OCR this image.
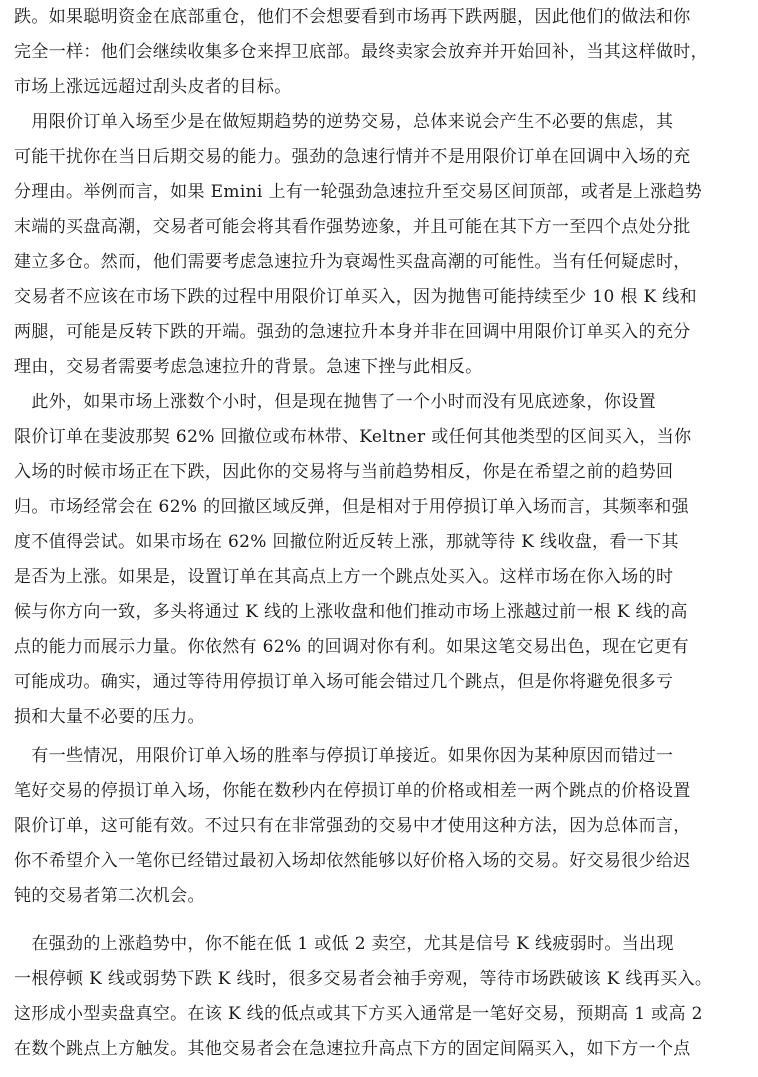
跌。如果聪明资金在底部重仓，他们不会想要看到市场再下跌两腿，因此他们的做法和你
完全一样：他们会继续收集多仓来捍卫底部。最终卖家会放弃并开始回补，当其这样做时，
市场上涨远远超过刮头皮者的目标。
　用限价订单入场至少是在做短期趋势的逆势交易，总体来说会产生不必要的焦虑，其
可能干扰你在当日后期交易的能力。强劲的急速行情并不是用限价订单在回调中入场的充
分理由。举例而言，如果 Emini 上有一轮强劲急速拉升至交易区间顶部，或者是上涨趋势
末端的买盘高潮，交易者可能会将其看作强势迹象，并且可能在其下方一至四个点处分批
建立多仓。然而，他们需要考虑急速拉升为衰竭性买盘高潮的可能性。当有任何疑虑时，
交易者不应该在市场下跌的过程中用限价订单买入，因为抛售可能持续至少 10 根 K 线和
两腿，可能是反转下跌的开端。强劲的急速拉升本身并非在回调中用限价订单买入的充分
理由，交易者需要考虑急速拉升的背景。急速下挫与此相反。
　此外，如果市场上涨数个小时，但是现在抛售了一个小时而没有见底迹象，你设置
限价订单在斐波那契 62% 回撤位或布林带、Keltner 或任何其他类型的区间买入，当你
入场的时候市场正在下跌，因此你的交易将与当前趋势相反，你是在希望之前的趋势回
归。市场经常会在 62% 的回撤区域反弹，但是相对于用停损订单入场而言，其频率和强
度不值得尝试。如果市场在 62% 回撤位附近反转上涨，那就等待 K 线收盘，看一下其
是否为上涨。如果是，设置订单在其高点上方一个跳点处买入。这样市场在你入场的时
候与你方向一致，多头将通过 K 线的上涨收盘和他们推动市场上涨越过前一根 K 线的高
点的能力而展示力量。你依然有 62% 的回调对你有利。如果这笔交易出色，现在它更有
可能成功。确实，通过等待用停损订单入场可能会错过几个跳点，但是你将避免很多亏
损和大量不必要的压力。
　有一些情况，用限价订单入场的胜率与停损订单接近。如果你因为某种原因而错过一
笔好交易的停损订单入场，你能在数秒内在停损订单的价格或相差一两个跳点的价格设置
限价订单，这可能有效。不过只有在非常强劲的交易中才使用这种方法，因为总体而言，
你不希望介入一笔你已经错过最初入场却依然能够以好价格入场的交易。好交易很少给迟
钝的交易者第二次机会。
　在强劲的上涨趋势中，你不能在低 1 或低 2 卖空，尤其是信号 K 线疲弱时。当出现
一根停顿 K 线或弱势下跌 K 线时，很多交易者会袖手旁观，等待市场跌破该 K 线再买入。
这形成小型卖盘真空。在该 K 线的低点或其下方买入通常是一笔好交易，预期高 1 或高 2
在数个跳点上方触发。其他交易者会在急速拉升高点下方的固定间隔买入，如下方一个点
